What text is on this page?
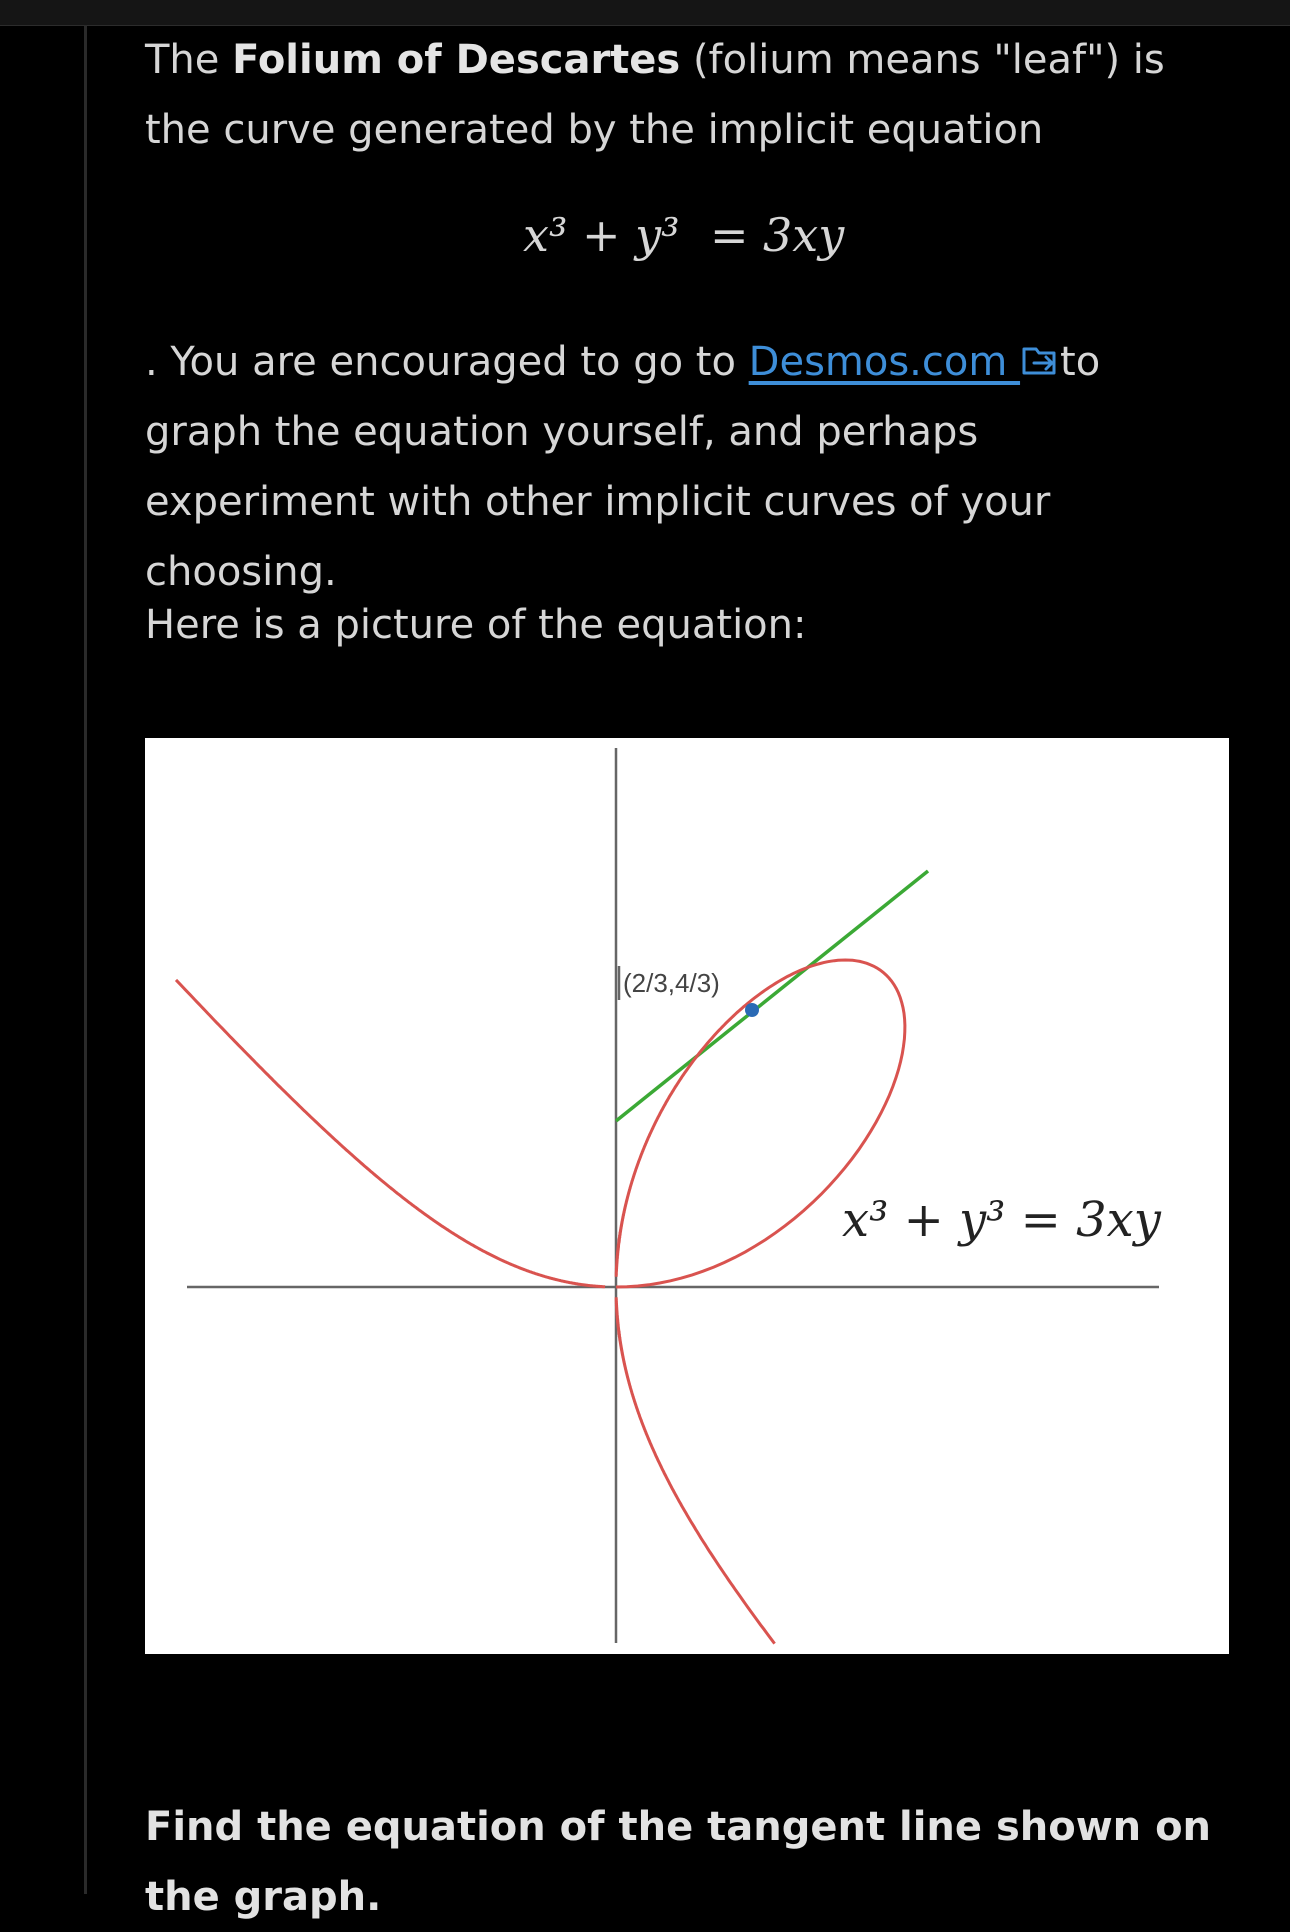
The Folium of Descartes (folium means "leaf") is the curve generated by the implicit equation

x³ + y³ = 3xy

. You are encouraged to go to Desmos.com to graph the equation yourself, and perhaps experiment with other implicit curves of your choosing.

Here is a picture of the equation:

(2/3,4/3)
x³ + y³ = 3xy

Find the equation of the tangent line shown on the graph.
